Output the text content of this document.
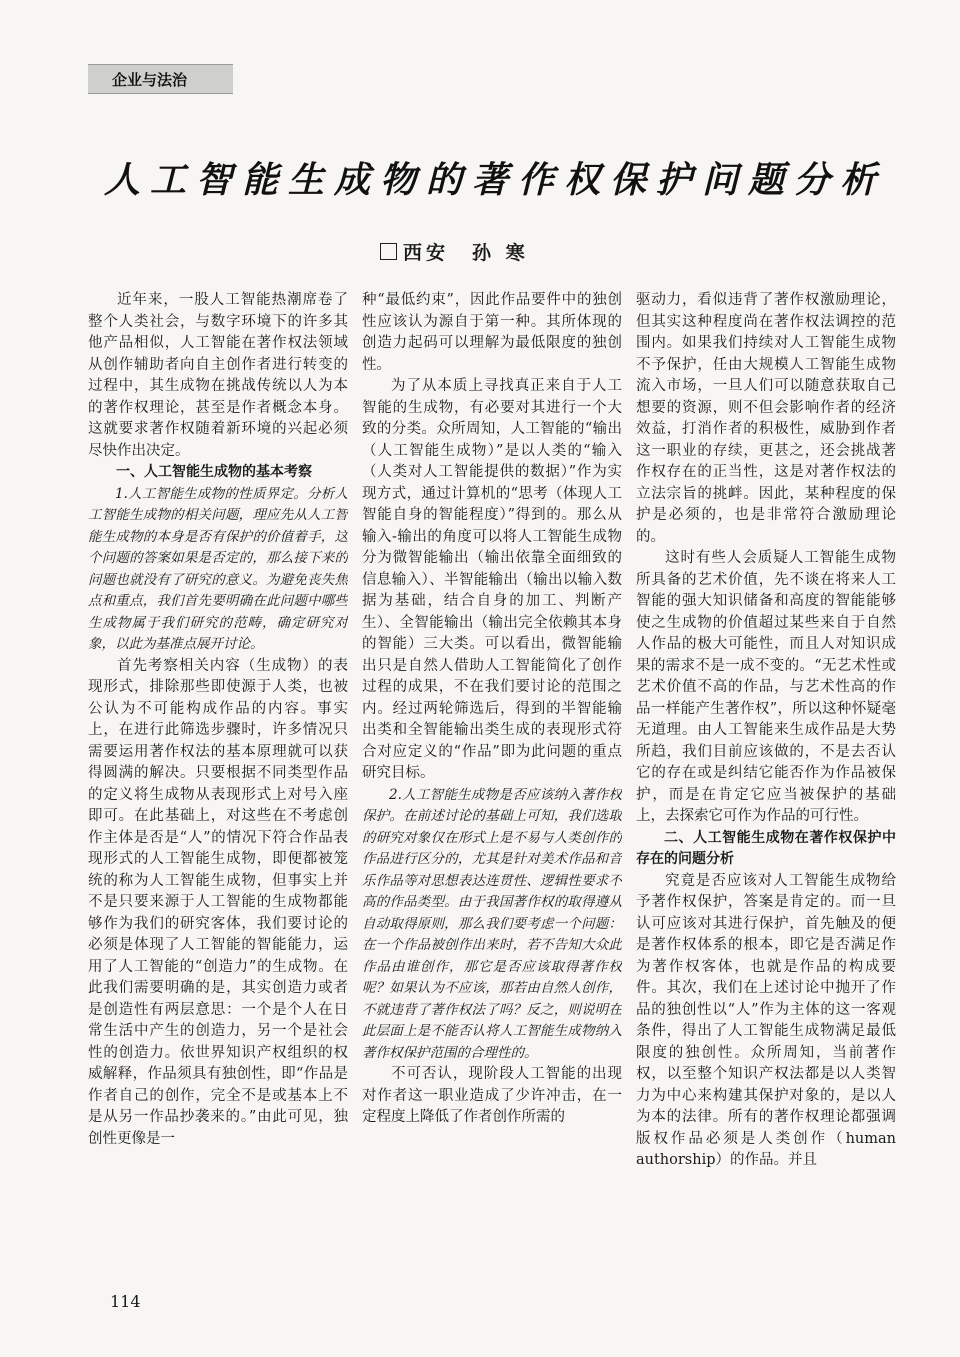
企业与法治
人工智能生成物的著作权保护问题分析
西安　孙 寒

近年来，一股人工智能热潮席卷了整个人类社会，与数字环境下的许多其他产品相似，人工智能在著作权法领域从创作辅助者向自主创作者进行转变的过程中，其生成物在挑战传统以人为本的著作权理论，甚至是作者概念本身。这就要求著作权随着新环境的兴起必须尽快作出决定。

一、人工智能生成物的基本考察

1.人工智能生成物的性质界定。分析人工智能生成物的相关问题，理应先从人工智能生成物的本身是否有保护的价值着手，这个问题的答案如果是否定的，那么接下来的问题也就没有了研究的意义。为避免丧失焦点和重点，我们首先要明确在此问题中哪些生成物属于我们研究的范畴，确定研究对象，以此为基准点展开讨论。

首先考察相关内容（生成物）的表现形式，排除那些即使源于人类，也被公认为不可能构成作品的内容。事实上，在进行此筛选步骤时，许多情况只需要运用著作权法的基本原理就可以获得圆满的解决。只要根据不同类型作品的定义将生成物从表现形式上对号入座即可。在此基础上，对这些在不考虑创作主体是否是“人”的情况下符合作品表现形式的人工智能生成物，即便都被笼统的称为人工智能生成物，但事实上并不是只要来源于人工智能的生成物都能够作为我们的研究客体，我们要讨论的必须是体现了人工智能的智能能力，运用了人工智能的“创造力”的生成物。在此我们需要明确的是，其实创造力或者是创造性有两层意思：一个是个人在日常生活中产生的创造力，另一个是社会性的创造力。依世界知识产权组织的权威解释，作品须具有独创性，即“作品是作者自己的创作，完全不是或基本上不是从另一作品抄袭来的。”由此可见，独创性更像是一

种“最低约束”，因此作品要件中的独创性应该认为源自于第一种。其所体现的创造力起码可以理解为最低限度的独创性。

为了从本质上寻找真正来自于人工智能的生成物，有必要对其进行一个大致的分类。众所周知，人工智能的“输出（人工智能生成物）”是以人类的“输入（人类对人工智能提供的数据）”作为实现方式，通过计算机的“思考（体现人工智能自身的智能程度）”得到的。那么从输入-输出的角度可以将人工智能生成物分为微智能输出（输出依靠全面细致的信息输入）、半智能输出（输出以输入数据为基础，结合自身的加工、判断产生）、全智能输出（输出完全依赖其本身的智能）三大类。可以看出，微智能输出只是自然人借助人工智能简化了创作过程的成果，不在我们要讨论的范围之内。经过两轮筛选后，得到的半智能输出类和全智能输出类生成的表现形式符合对应定义的“作品”即为此问题的重点研究目标。

2.人工智能生成物是否应该纳入著作权保护。在前述讨论的基础上可知，我们选取的研究对象仅在形式上是不易与人类创作的作品进行区分的，尤其是针对美术作品和音乐作品等对思想表达连贯性、逻辑性要求不高的作品类型。由于我国著作权的取得遵从自动取得原则，那么我们要考虑一个问题：在一个作品被创作出来时，若不告知大众此作品由谁创作，那它是否应该取得著作权呢？如果认为不应该，那若由自然人创作，不就违背了著作权法了吗？反之，则说明在此层面上是不能否认将人工智能生成物纳入著作权保护范围的合理性的。

不可否认，现阶段人工智能的出现对作者这一职业造成了少许冲击，在一定程度上降低了作者创作所需的

驱动力，看似违背了著作权激励理论，但其实这种程度尚在著作权法调控的范围内。如果我们持续对人工智能生成物不予保护，任由大规模人工智能生成物流入市场，一旦人们可以随意获取自己想要的资源，则不但会影响作者的经济效益，打消作者的积极性，威胁到作者这一职业的存续，更甚之，还会挑战著作权存在的正当性，这是对著作权法的立法宗旨的挑衅。因此，某种程度的保护是必须的，也是非常符合激励理论的。

这时有些人会质疑人工智能生成物所具备的艺术价值，先不谈在将来人工智能的强大知识储备和高度的智能能够使之生成物的价值超过某些来自于自然人作品的极大可能性，而且人对知识成果的需求不是一成不变的。“无艺术性或艺术价值不高的作品，与艺术性高的作品一样能产生著作权”，所以这种怀疑毫无道理。由人工智能来生成作品是大势所趋，我们目前应该做的，不是去否认它的存在或是纠结它能否作为作品被保护，而是在肯定它应当被保护的基础上，去探索它可作为作品的可行性。

二、人工智能生成物在著作权保护中存在的问题分析

究竟是否应该对人工智能生成物给予著作权保护，答案是肯定的。而一旦认可应该对其进行保护，首先触及的便是著作权体系的根本，即它是否满足作为著作权客体，也就是作品的构成要件。其次，我们在上述讨论中抛开了作品的独创性以“人”作为主体的这一客观条件，得出了人工智能生成物满足最低限度的独创性。众所周知，当前著作权，以至整个知识产权法都是以人类智力为中心来构建其保护对象的，是以人为本的法律。所有的著作权理论都强调版权作品必须是人类创作（human authorship）的作品。并且

114
